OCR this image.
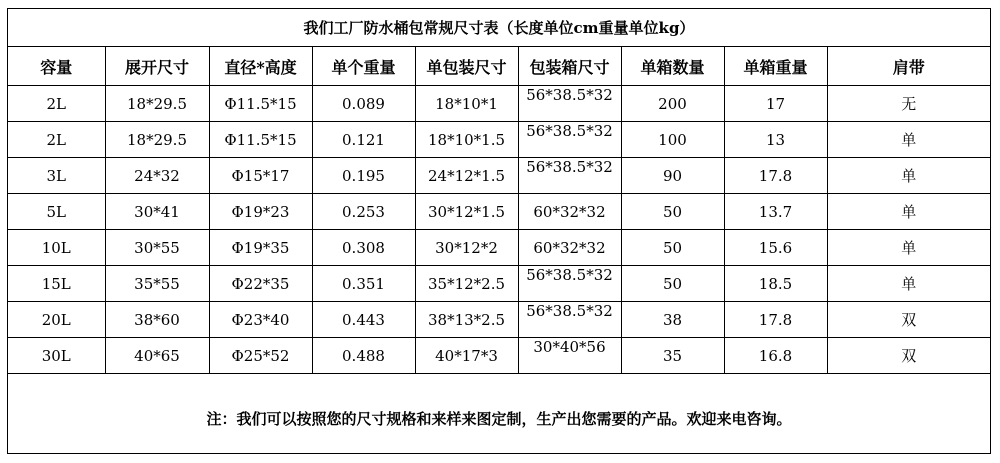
我们工厂防水桶包常规尺寸表（长度单位cm重量单位kg）
容量	展开尺寸	直径*高度	单个重量	单包装尺寸	包装箱尺寸	单箱数量	单箱重量	肩带
2L	18*29.5	Φ11.5*15	0.089	18*10*1	56*38.5*32	200	17	无
2L	18*29.5	Φ11.5*15	0.121	18*10*1.5	56*38.5*32	100	13	单
3L	24*32	Φ15*17	0.195	24*12*1.5	56*38.5*32	90	17.8	单
5L	30*41	Φ19*23	0.253	30*12*1.5	60*32*32	50	13.7	单
10L	30*55	Φ19*35	0.308	30*12*2	60*32*32	50	15.6	单
15L	35*55	Φ22*35	0.351	35*12*2.5	56*38.5*32	50	18.5	单
20L	38*60	Φ23*40	0.443	38*13*2.5	56*38.5*32	38	17.8	双
30L	40*65	Φ25*52	0.488	40*17*3	30*40*56	35	16.8	双
注：我们可以按照您的尺寸规格和来样来图定制，生产出您需要的产品。欢迎来电咨询。
